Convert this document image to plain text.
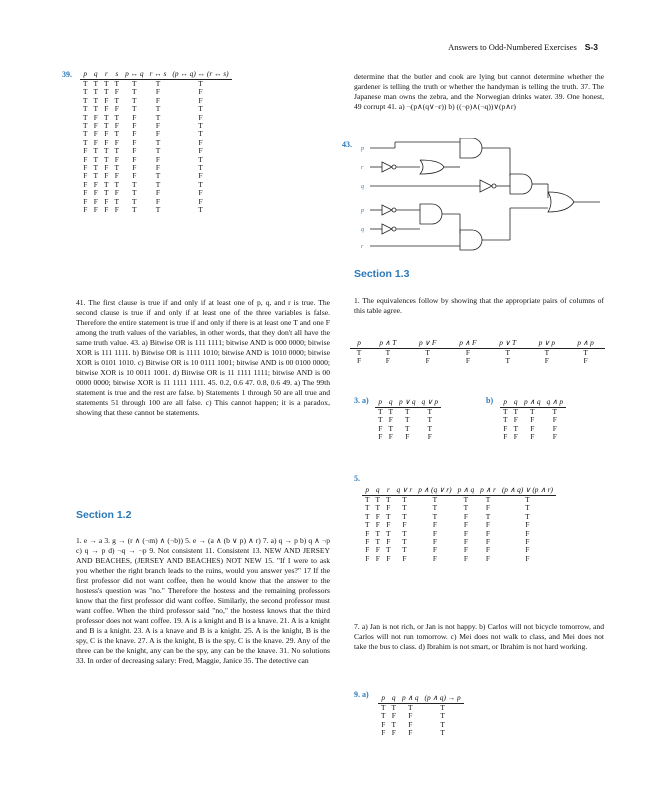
Answers to Odd-Numbered Exercises S-3
39. p	q	r	s	p ↔ q	r ↔ s	(p ↔ q) ↔ (r ↔ s)
T	T	T	T	T	T	T
T	T	T	F	T	F	F
T	T	F	T	T	F	F
T	T	F	F	T	T	T
T	F	T	T	F	T	F
T	F	T	F	F	F	T
T	F	F	T	F	F	T
T	F	F	F	F	T	F
F	T	T	T	F	T	F
F	T	T	F	F	F	T
F	T	F	T	F	F	T
F	T	F	F	F	T	F
F	F	T	T	T	T	T
F	F	T	F	T	F	F
F	F	F	T	T	F	F
F	F	F	F	T	T	T
41. The first clause is true if and only if at least one of p, q, and r is true. The second clause is true if and only if at least one of the three variables is false. Therefore the entire statement is true if and only if there is at least one T and one F among the truth values of the variables, in other words, that they don't all have the same truth value. 43. a) Bitwise OR is 111 1111; bitwise AND is 000 0000; bitwise XOR is 111 1111. b) Bitwise OR is 1111 1010; bitwise AND is 1010 0000; bitwise XOR is 0101 1010. c) Bitwise OR is 10 0111 1001; bitwise AND is 00 0100 0000; bitwise XOR is 10 0011 1001. d) Bitwise OR is 11 1111 1111; bitwise AND is 00 0000 0000; bitwise XOR is 11 1111 1111. 45. 0.2, 0.6 47. 0.8, 0.6 49. a) The 99th statement is true and the rest are false. b) Statements 1 through 50 are all true and statements 51 through 100 are all false. c) This cannot happen; it is a paradox, showing that these cannot be statements.
Section 1.2
1. e → a 3. g → (r ∧ (¬m) ∧ (¬b)) 5. e → (a ∧ (b ∨ p) ∧ r) 7. a) q → p b) q ∧ ¬p c) q → p d) ¬q → ¬p 9. Not consistent 11. Consistent 13. NEW AND JERSEY AND BEACHES, (JERSEY AND BEACHES) NOT NEW 15. "If I were to ask you whether the right branch leads to the ruins, would you answer yes?" 17 If the first professor did not want coffee, then he would know that the answer to the hostess's question was "no." Therefore the hostess and the remaining professors know that the first professor did want coffee. Similarly, the second professor must want coffee. When the third professor said "no," the hostess knows that the third professor does not want coffee. 19. A is a knight and B is a knave. 21. A is a knight and B is a knight. 23. A is a knave and B is a knight. 25. A is the knight, B is the spy, C is the knave. 27. A is the knight, B is the spy, C is the knave. 29. Any of the three can be the knight, any can be the spy, any can be the knave. 31. No solutions 33. In order of decreasing salary: Fred, Maggie, Janice 35. The detective can
determine that the butler and cook are lying but cannot determine whether the gardener is telling the truth or whether the handyman is telling the truth. 37. The Japanese man owns the zebra, and the Norwegian drinks water. 39. One honest, 49 corrupt 41. a) ¬(p∧(q∨¬r)) b) ((¬p)∧(¬q))∨(p∧r)
43. p
r
q
p
q
r
Section 1.3
1. The equivalences follow by showing that the appropriate pairs of columns of this table agree.
p	p ∧ T	p ∨ F	p ∧ F	p ∨ T	p ∨ p	p ∧ p
T	T	T	F	T	T	T
F	F	F	F	T	F	F
3. a) p	q	p ∨ q	q ∨ p
T	T	T	T
T	F	T	T
F	T	T	T
F	F	F	F
b) p	q	p ∧ q	q ∧ p
T	T	T	T
T	F	F	F
F	T	F	F
F	F	F	F
5.
p	q	r	q ∨ r	p ∧ (q ∨ r)	p ∧ q	p ∧ r	(p ∧ q) ∨ (p ∧ r)
T	T	T	T	T	T	T	T
T	T	F	T	T	T	F	T
T	F	T	T	T	F	T	T
T	F	F	F	F	F	F	F
F	T	T	T	F	F	F	F
F	T	F	T	F	F	F	F
F	F	T	T	F	F	F	F
F	F	F	F	F	F	F	F
7. a) Jan is not rich, or Jan is not happy. b) Carlos will not bicycle tomorrow, and Carlos will not run tomorrow. c) Mei does not walk to class, and Mei does not take the bus to class. d) Ibrahim is not smart, or Ibrahim is not hard working.
9. a) p	q	p ∧ q	(p ∧ q) → p
T	T	T	T
T	F	F	T
F	T	F	T
F	F	F	T
